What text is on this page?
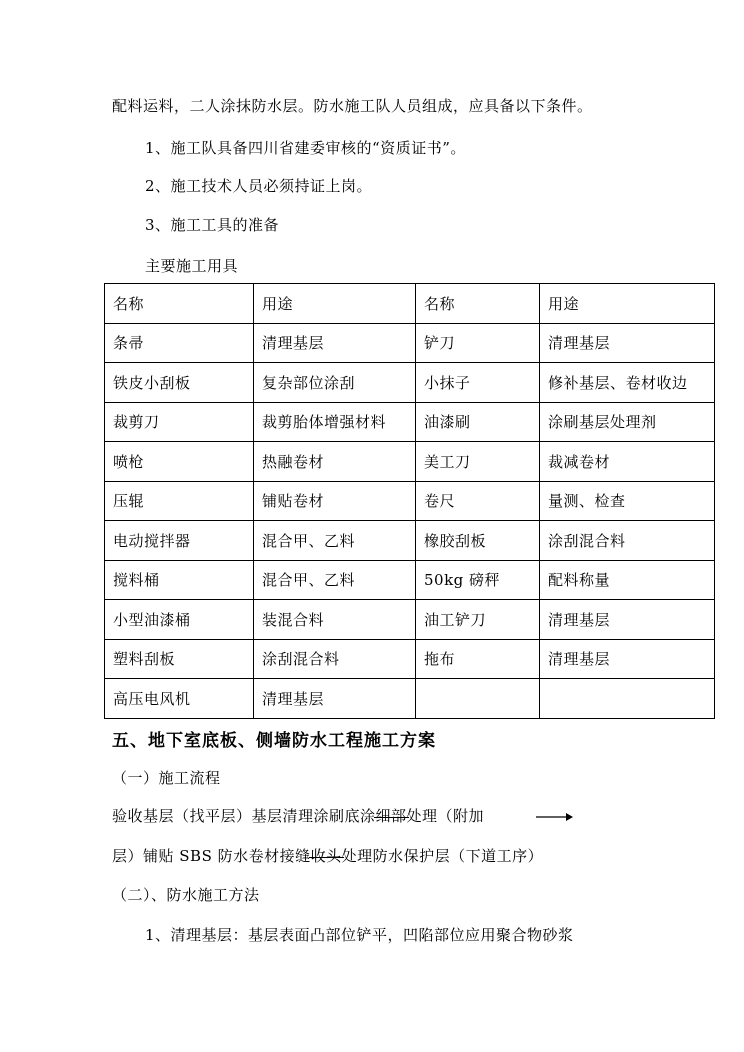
配料运料，二人涂抹防水层。防水施工队人员组成，应具备以下条件。
1、施工队具备四川省建委审核的“资质证书”。
2、施工技术人员必须持证上岗。
3、施工工具的准备
主要施工用具
名称	用途	名称	用途
条帚	清理基层	铲刀	清理基层
铁皮小刮板	复杂部位涂刮	小抹子	修补基层、卷材收边
裁剪刀	裁剪胎体增强材料	油漆刷	涂刷基层处理剂
喷枪	热融卷材	美工刀	裁减卷材
压辊	铺贴卷材	卷尺	量测、检查
电动搅拌器	混合甲、乙料	橡胶刮板	涂刮混合料
搅料桶	混合甲、乙料	50kg 磅秤	配料称量
小型油漆桶	装混合料	油工铲刀	清理基层
塑料刮板	涂刮混合料	拖布	清理基层
高压电风机	清理基层		
五、地下室底板、侧墙防水工程施工方案
（一）施工流程
验收基层（找平层）基层清理涂刷底涂细部处理（附加
层）铺贴 SBS 防水卷材接缝收头处理防水保护层（下道工序）
（二）、防水施工方法
1、清理基层：基层表面凸部位铲平，凹陷部位应用聚合物砂浆
